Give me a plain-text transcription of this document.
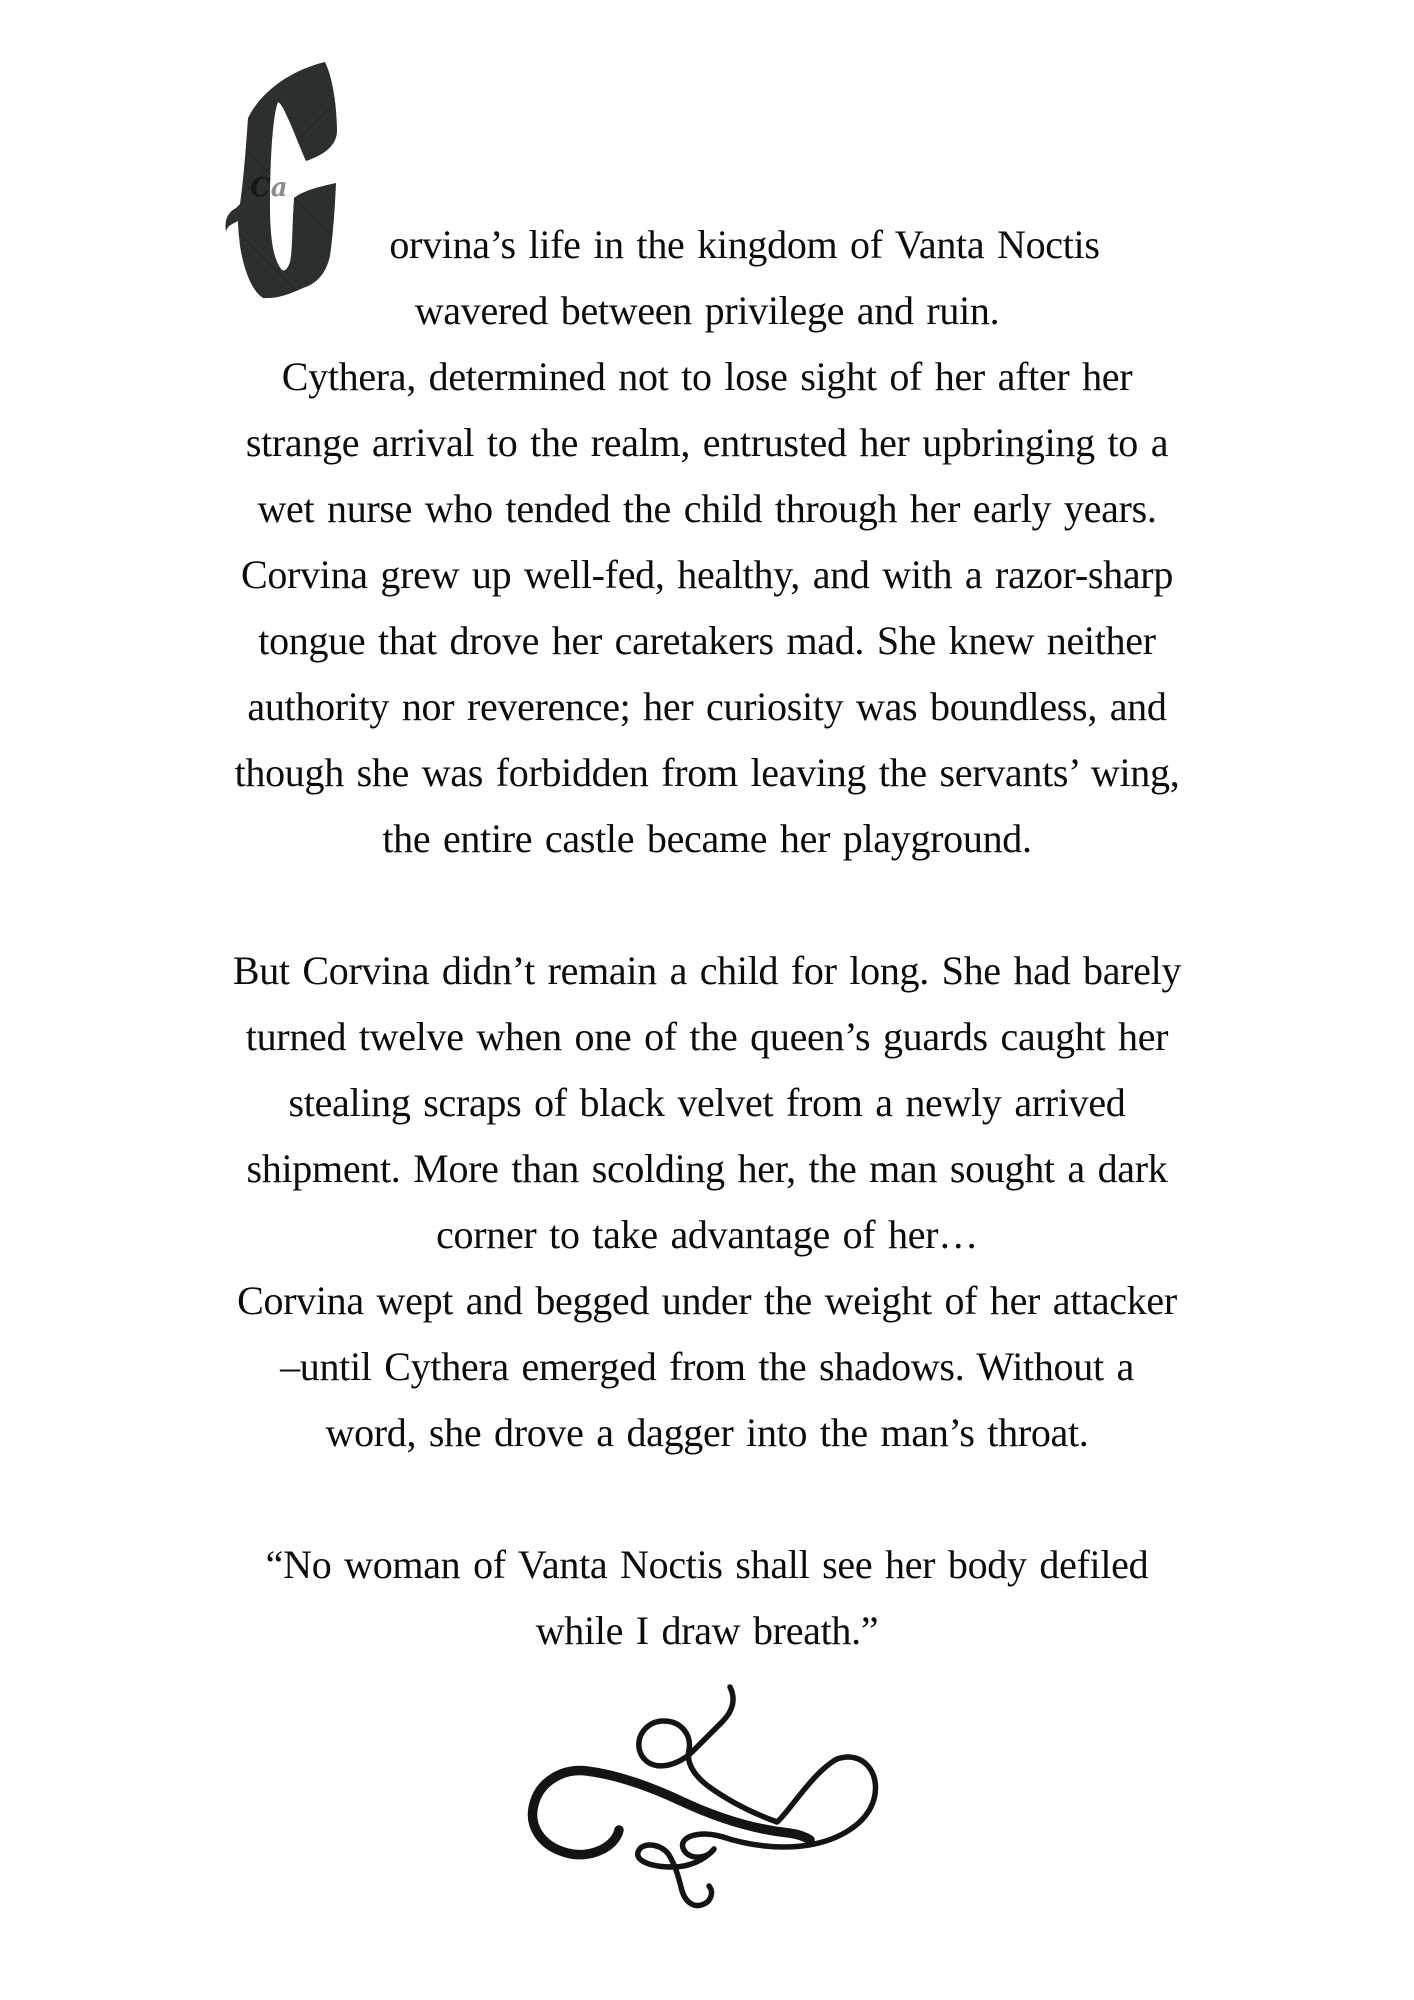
Ca
orvina’s life in the kingdom of Vanta Noctis
wavered between privilege and ruin.
Cythera, determined not to lose sight of her after her
strange arrival to the realm, entrusted her upbringing to a
wet nurse who tended the child through her early years.
Corvina grew up well-fed, healthy, and with a razor-sharp
tongue that drove her caretakers mad. She knew neither
authority nor reverence; her curiosity was boundless, and
though she was forbidden from leaving the servants’ wing,
the entire castle became her playground.
But Corvina didn’t remain a child for long. She had barely
turned twelve when one of the queen’s guards caught her
stealing scraps of black velvet from a newly arrived
shipment. More than scolding her, the man sought a dark
corner to take advantage of her…
Corvina wept and begged under the weight of her attacker
–until Cythera emerged from the shadows. Without a
word, she drove a dagger into the man’s throat.
“No woman of Vanta Noctis shall see her body defiled
while I draw breath.”
